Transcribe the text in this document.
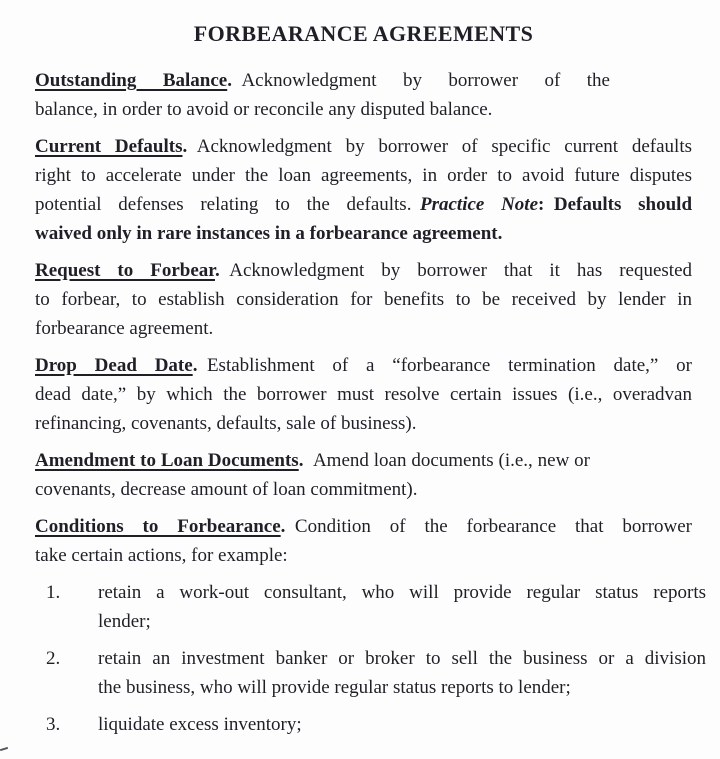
FORBEARANCE AGREEMENTS
Outstanding Balance. Acknowledgment by borrower of the
balance, in order to avoid or reconcile any disputed balance.
Current Defaults. Acknowledgment by borrower of specific current defaults
right to accelerate under the loan agreements, in order to avoid future disputes
potential defenses relating to the defaults. Practice Note: Defaults should
waived only in rare instances in a forbearance agreement.
Request to Forbear. Acknowledgment by borrower that it has requested
to forbear, to establish consideration for benefits to be received by lender in
forbearance agreement.
Drop Dead Date. Establishment of a “forbearance termination date,” or
dead date,” by which the borrower must resolve certain issues (i.e., overadvan
refinancing, covenants, defaults, sale of business).
Amendment to Loan Documents. Amend loan documents (i.e., new or
covenants, decrease amount of loan commitment).
Conditions to Forbearance. Condition of the forbearance that borrower
take certain actions, for example:
1.	retain a work-out consultant, who will provide regular status reports
lender;
2.	retain an investment banker or broker to sell the business or a division
the business, who will provide regular status reports to lender;
3.	liquidate excess inventory;
